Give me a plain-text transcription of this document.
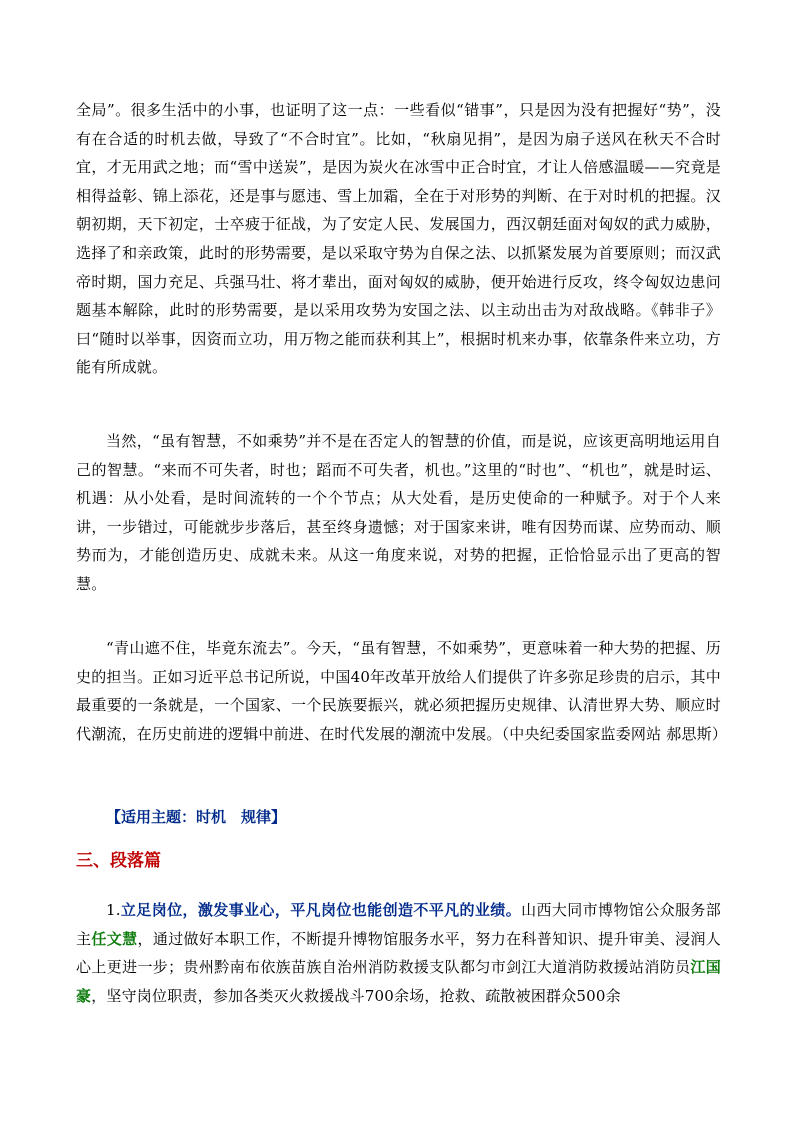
全局”。很多生活中的小事，也证明了这一点：一些看似“错事”，只是因为没有把握好“势”，没有在合适的时机去做，导致了“不合时宜”。比如，“秋扇见捐”，是因为扇子送风在秋天不合时宜，才无用武之地；而“雪中送炭”，是因为炭火在冰雪中正合时宜，才让人倍感温暖——究竟是相得益彰、锦上添花，还是事与愿违、雪上加霜，全在于对形势的判断、在于对时机的把握。汉朝初期，天下初定，士卒疲于征战，为了安定人民、发展国力，西汉朝廷面对匈奴的武力威胁，选择了和亲政策，此时的形势需要，是以采取守势为自保之法、以抓紧发展为首要原则；而汉武帝时期，国力充足、兵强马壮、将才辈出，面对匈奴的威胁，便开始进行反攻，终令匈奴边患问题基本解除，此时的形势需要，是以采用攻势为安国之法、以主动出击为对敌战略。《韩非子》曰“随时以举事，因资而立功，用万物之能而获利其上”，根据时机来办事，依靠条件来立功，方能有所成就。

当然，“虽有智慧，不如乘势”并不是在否定人的智慧的价值，而是说，应该更高明地运用自己的智慧。“来而不可失者，时也；蹈而不可失者，机也。”这里的“时也”、“机也”，就是时运、机遇：从小处看，是时间流转的一个个节点；从大处看，是历史使命的一种赋予。对于个人来讲，一步错过，可能就步步落后，甚至终身遗憾；对于国家来讲，唯有因势而谋、应势而动、顺势而为，才能创造历史、成就未来。从这一角度来说，对势的把握，正恰恰显示出了更高的智慧。

“青山遮不住，毕竟东流去”。今天，“虽有智慧，不如乘势”，更意味着一种大势的把握、历史的担当。正如习近平总书记所说，中国40年改革开放给人们提供了许多弥足珍贵的启示，其中最重要的一条就是，一个国家、一个民族要振兴，就必须把握历史规律、认清世界大势、顺应时代潮流，在历史前进的逻辑中前进、在时代发展的潮流中发展。（中央纪委国家监委网站 郝思斯）

【适用主题：时机　规律】
三、段落篇

1.立足岗位，激发事业心，平凡岗位也能创造不平凡的业绩。山西大同市博物馆公众服务部主任文慧，通过做好本职工作，不断提升博物馆服务水平，努力在科普知识、提升审美、浸润人心上更进一步；贵州黔南布依族苗族自治州消防救援支队都匀市剑江大道消防救援站消防员江国豪，坚守岗位职责，参加各类灭火救援战斗700余场，抢救、疏散被困群众500余
